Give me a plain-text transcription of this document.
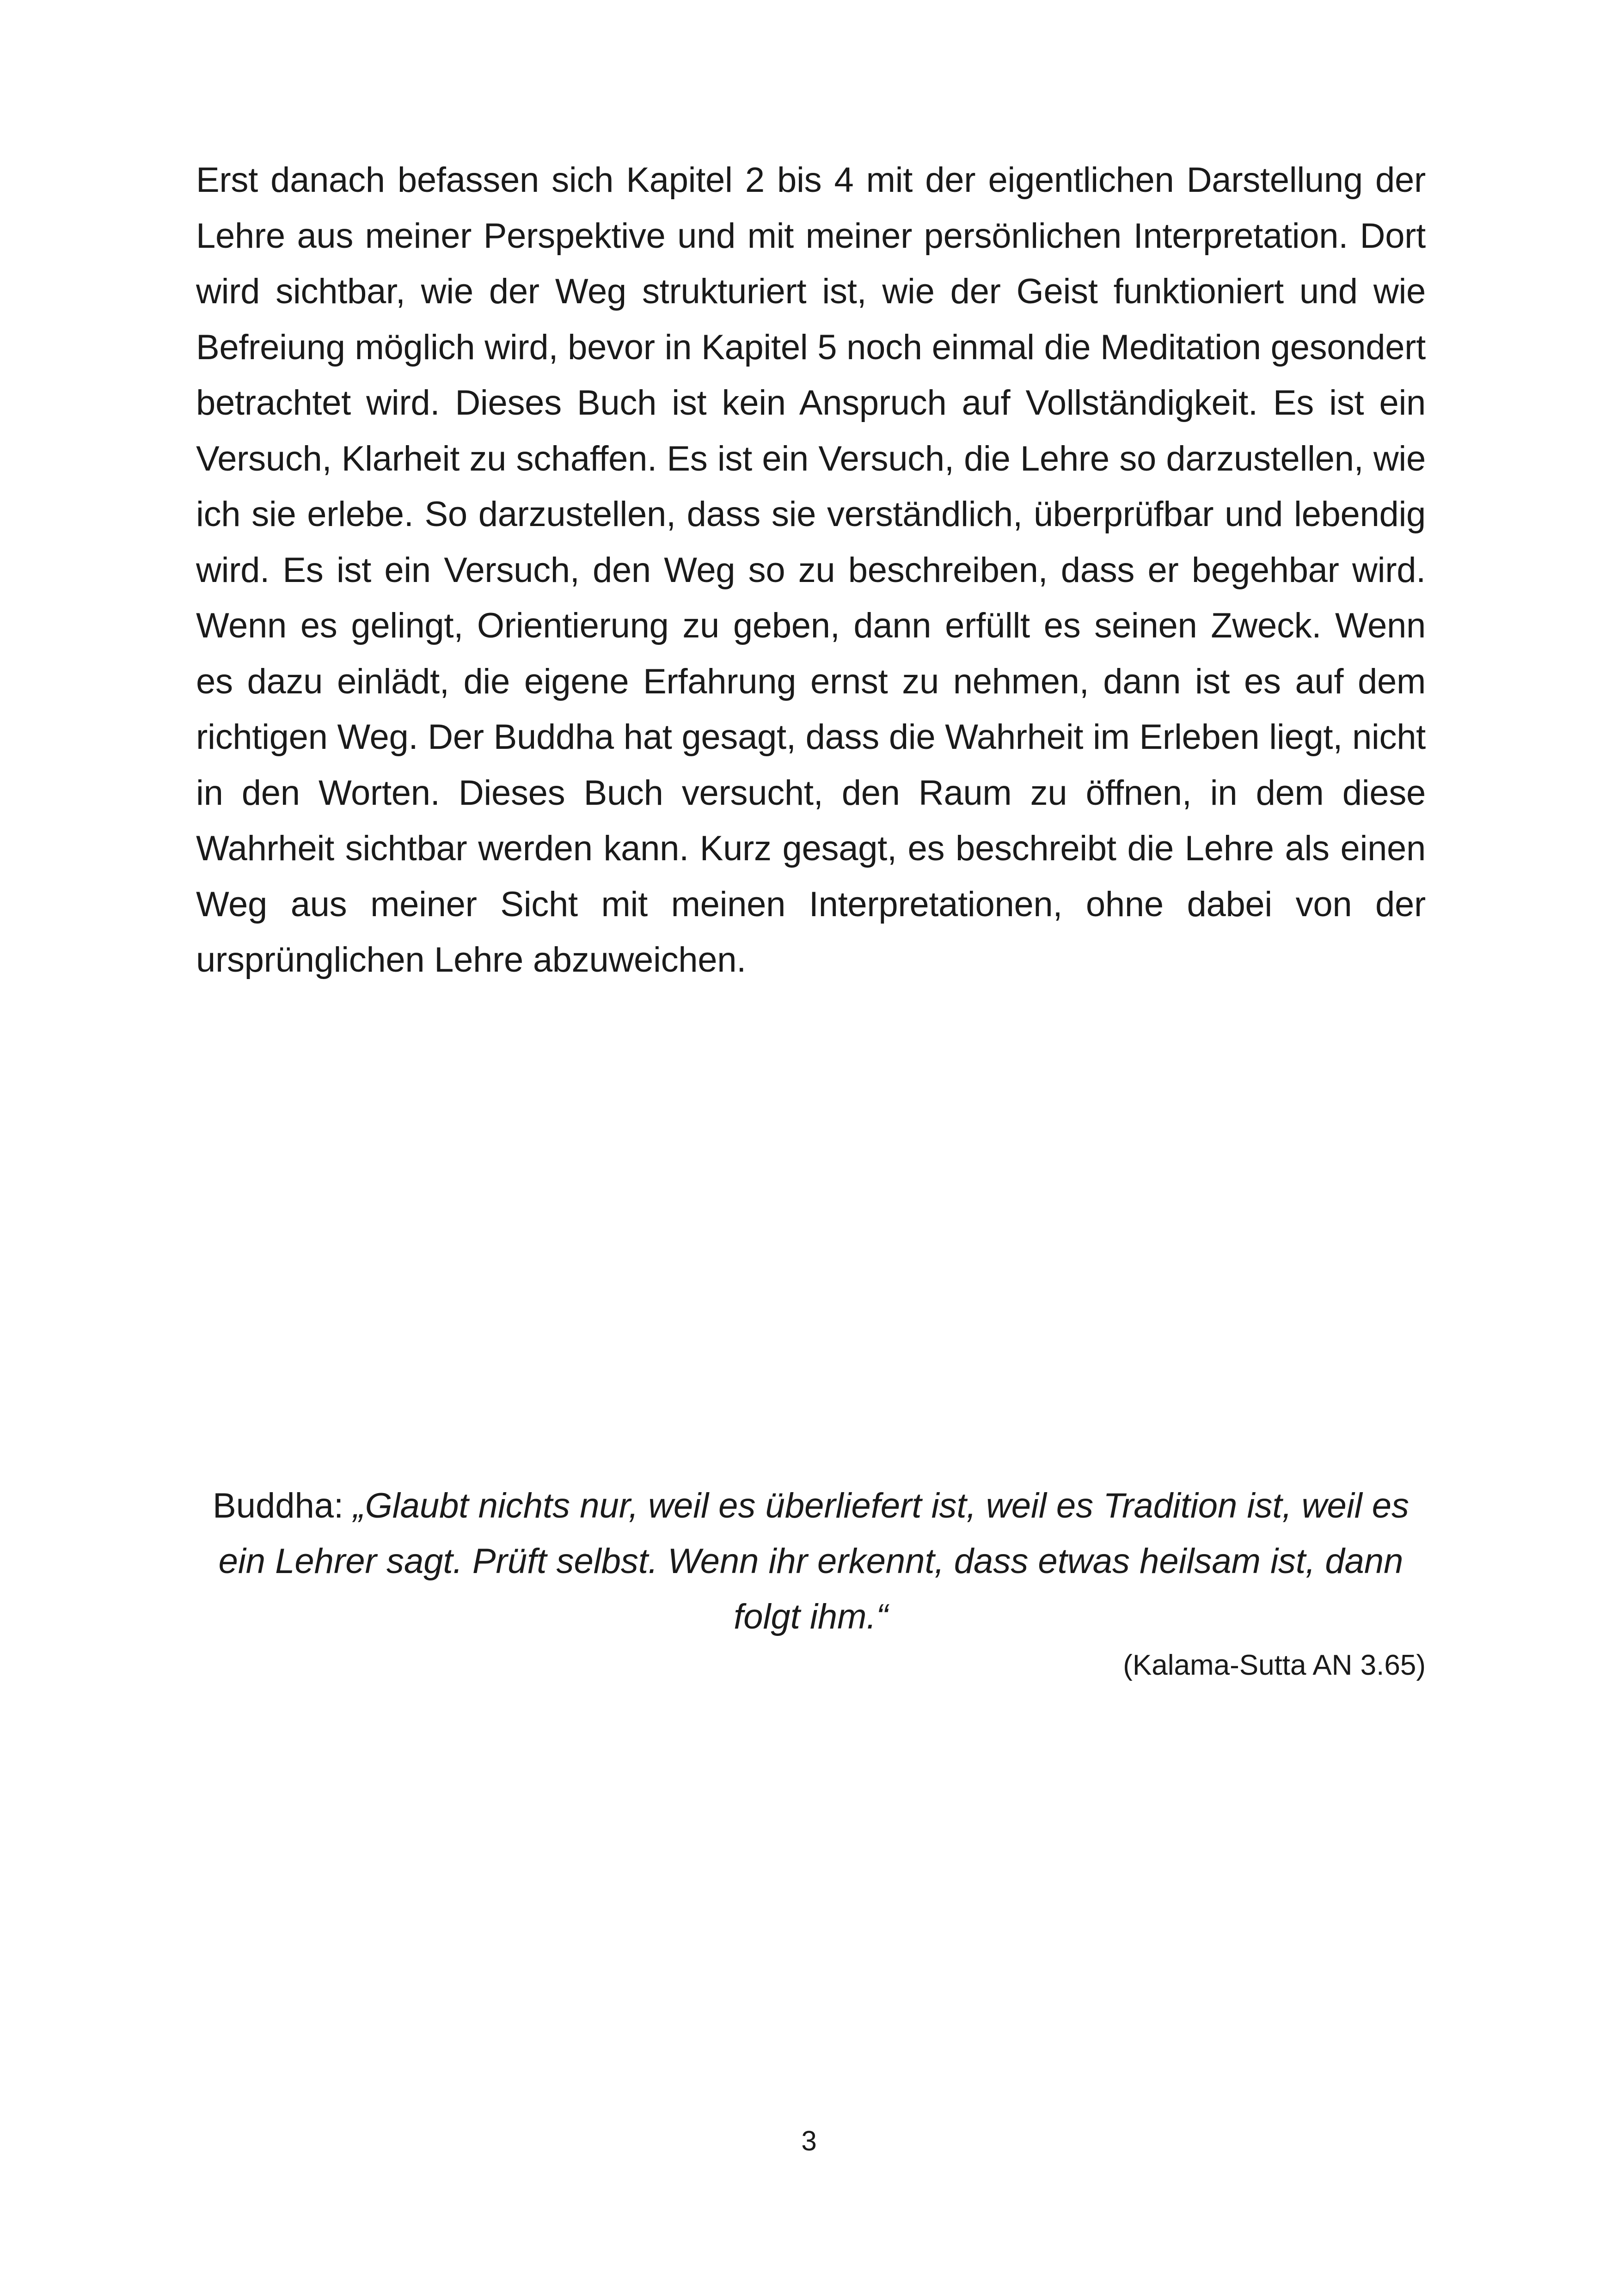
Erst danach befassen sich Kapitel 2 bis 4 mit der eigentlichen Darstellung der Lehre aus meiner Perspektive und mit meiner persönlichen Interpretation. Dort wird sichtbar, wie der Weg strukturiert ist, wie der Geist funktioniert und wie Befreiung möglich wird, bevor in Kapitel 5 noch einmal die Meditation gesondert betrachtet wird. Dieses Buch ist kein Anspruch auf Vollständigkeit. Es ist ein Versuch, Klarheit zu schaffen. Es ist ein Versuch, die Lehre so darzustellen, wie ich sie erlebe. So darzustellen, dass sie verständlich, überprüfbar und lebendig wird. Es ist ein Versuch, den Weg so zu beschreiben, dass er begehbar wird. Wenn es gelingt, Orientierung zu geben, dann erfüllt es seinen Zweck. Wenn es dazu einlädt, die eigene Erfahrung ernst zu nehmen, dann ist es auf dem richtigen Weg. Der Buddha hat gesagt, dass die Wahrheit im Erleben liegt, nicht in den Worten. Dieses Buch versucht, den Raum zu öffnen, in dem diese Wahrheit sichtbar werden kann. Kurz gesagt, es beschreibt die Lehre als einen Weg aus meiner Sicht mit meinen Interpretationen, ohne dabei von der ursprünglichen Lehre abzuweichen.

Buddha: „Glaubt nichts nur, weil es überliefert ist, weil es Tradition ist, weil es ein Lehrer sagt. Prüft selbst. Wenn ihr erkennt, dass etwas heilsam ist, dann folgt ihm.“
(Kalama-Sutta AN 3.65)
3
